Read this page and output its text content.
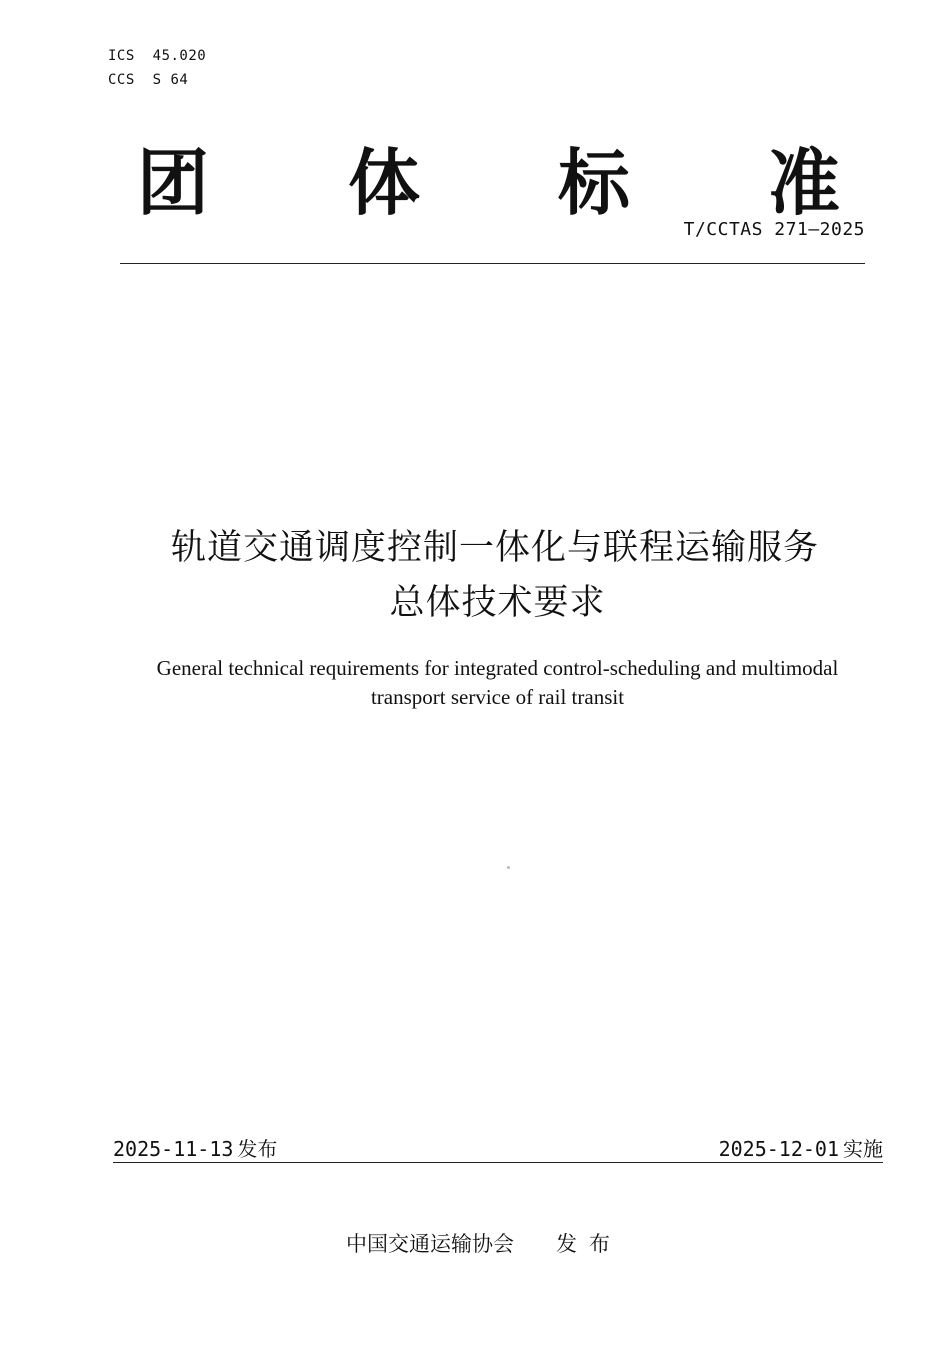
ICS  45.020
CCS  S 64
团 体 标 准
T/CCTAS 271—2025
轨道交通调度控制一体化与联程运输服务
总体技术要求
General technical requirements for integrated control-scheduling and multimodal
transport service of rail transit
2025-11-13 发布	2025-12-01 实施
中国交通运输协会 发布
